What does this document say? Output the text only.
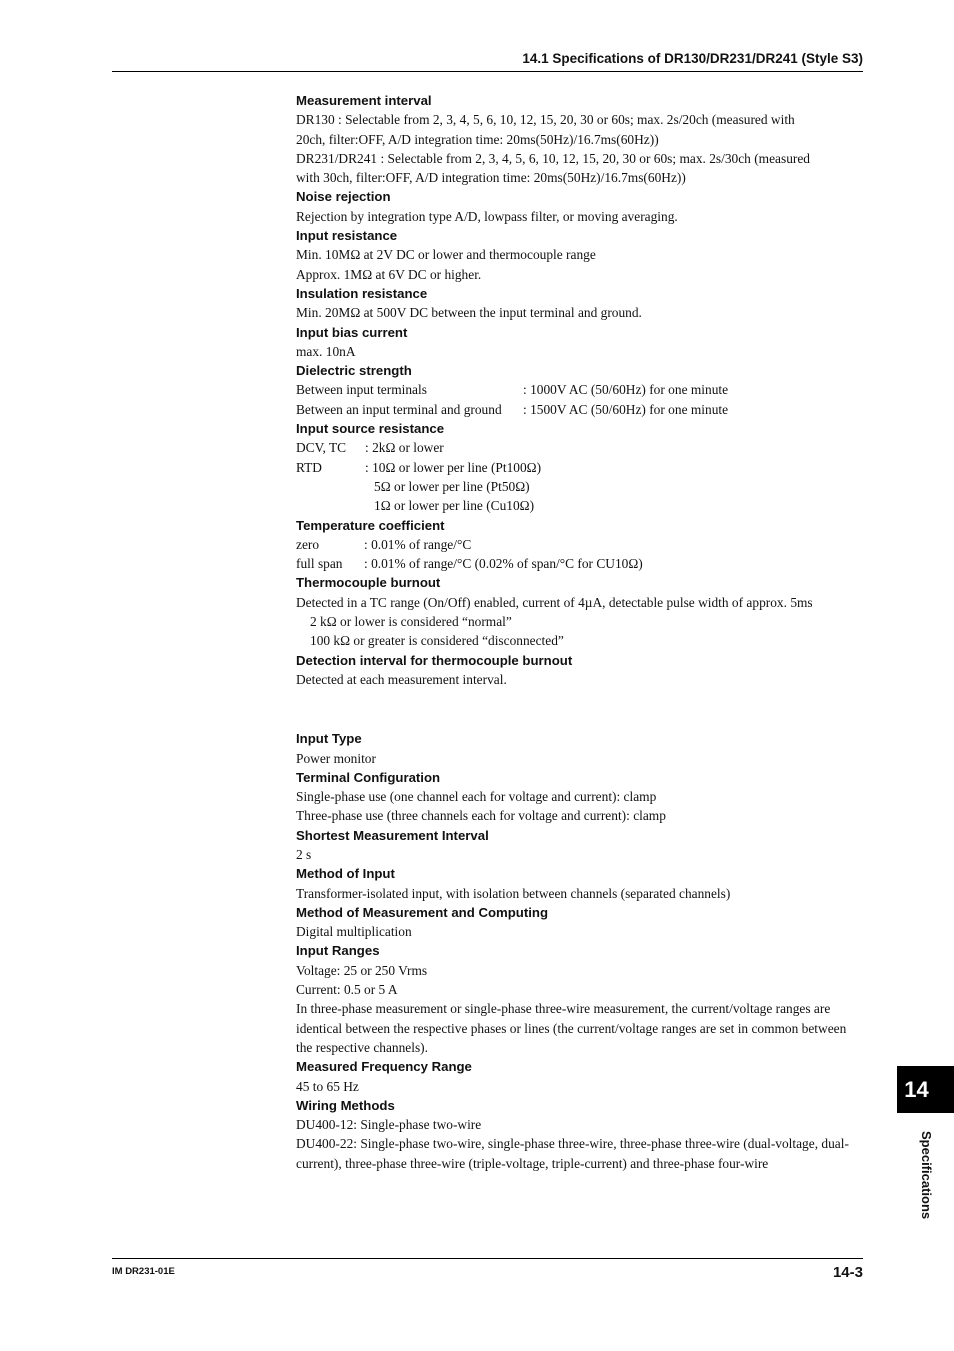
14.1 Specifications of DR130/DR231/DR241 (Style S3)
Measurement interval
DR130 : Selectable from 2, 3, 4, 5, 6, 10, 12, 15, 20, 30 or 60s; max. 2s/20ch (measured with
20ch, filter:OFF, A/D integration time: 20ms(50Hz)/16.7ms(60Hz))
DR231/DR241 : Selectable from 2, 3, 4, 5, 6, 10, 12, 15, 20, 30 or 60s; max. 2s/30ch (measured
with 30ch, filter:OFF, A/D integration time: 20ms(50Hz)/16.7ms(60Hz))
Noise rejection
Rejection by integration type A/D, lowpass filter, or moving averaging.
Input resistance
Min. 10MΩ at 2V DC or lower and thermocouple range
Approx. 1MΩ at 6V DC or higher.
Insulation resistance
Min. 20MΩ at 500V DC between the input terminal and ground.
Input bias current
max. 10nA
Dielectric strength
Between input terminals	: 1000V AC (50/60Hz) for one minute
Between an input terminal and ground	: 1500V AC (50/60Hz) for one minute
Input source resistance
DCV, TC	: 2kΩ or lower
RTD	: 10Ω or lower per line (Pt100Ω)
5Ω or lower per line (Pt50Ω)
1Ω or lower per line (Cu10Ω)
Temperature coefficient
zero	: 0.01% of range/°C
full span	: 0.01% of range/°C (0.02% of span/°C for CU10Ω)
Thermocouple burnout
Detected in a TC range (On/Off) enabled, current of 4µA, detectable pulse width of approx. 5ms
2 kΩ or lower is considered “normal”
100 kΩ or greater is considered “disconnected”
Detection interval for thermocouple burnout
Detected at each measurement interval.
Input Type
Power monitor
Terminal Configuration
Single-phase use (one channel each for voltage and current): clamp
Three-phase use (three channels each for voltage and current): clamp
Shortest Measurement Interval
2 s
Method of Input
Transformer-isolated input, with isolation between channels (separated channels)
Method of Measurement and Computing
Digital multiplication
Input Ranges
Voltage: 25 or 250 Vrms
Current: 0.5 or 5 A
In three-phase measurement or single-phase three-wire measurement, the current/voltage ranges are identical between the respective phases or lines (the current/voltage ranges are set in common between the respective channels).
Measured Frequency Range
45 to 65 Hz
Wiring Methods
DU400-12: Single-phase two-wire
DU400-22: Single-phase two-wire, single-phase three-wire, three-phase three-wire (dual-voltage, dual-current), three-phase three-wire (triple-voltage, triple-current) and three-phase four-wire
14
Specifications
IM DR231-01E	14-3
